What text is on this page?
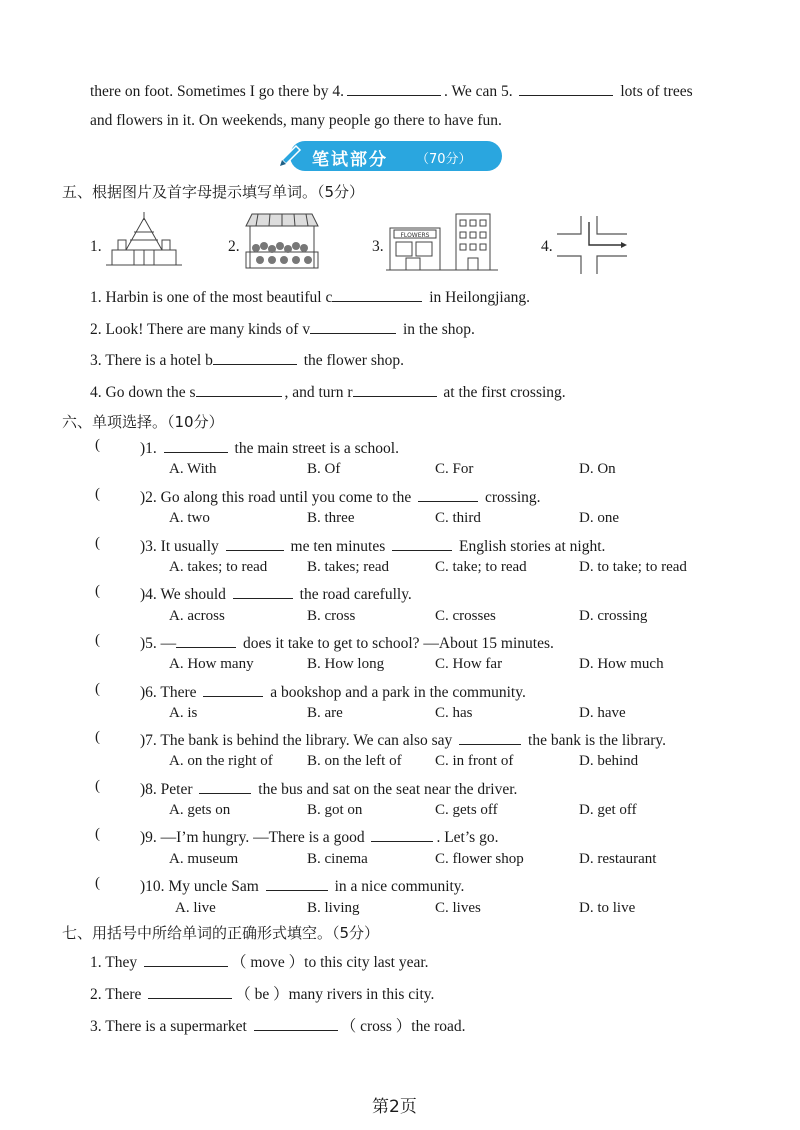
there on foot. Sometimes I go there by 4.	. We can 5.	lots of trees
and flowers in it. On weekends, many people go there to have fun.
笔试部分 （70分）
五、根据图片及首字母提示填写单词。（5分）
1.	2.	3.
FLOWERS
4.
1. Harbin is one of the most beautiful c	in Heilongjiang.
2. Look! There are many kinds of v	in the shop.
3. There is a hotel b	the flower shop.
4. Go down the s	, and turn r	at the first crossing.
六、单项选择。（10分）
(	)1.	the main street is a school.
A. With	B. Of	C. For	D. On
(	)2. Go along this road until you come to the	crossing.
A. two	B. three	C. third	D. one
(	)3. It usually	me ten minutes	English stories at night.
A. takes; to read	B. takes; read	C. take; to read	D. to take; to read
(	)4. We should	the road carefully.
A. across	B. cross	C. crosses	D. crossing
(	)5. —	does it take to get to school? —About 15 minutes.
A. How many	B. How long	C. How far	D. How much
(	)6. There	a bookshop and a park in the community.
A. is	B. are	C. has	D. have
(	)7. The bank is behind the library. We can also say	the bank is the library.
A. on the right of B. on the left of C. in front of	D. behind
(	)8. Peter	the bus and sat on the seat near the driver.
A. gets on	B. got on	C. gets off	D. get off
(	)9. —I’m hungry. —There is a good	. Let’s go.
A. museum	B. cinema	C. flower shop	D. restaurant
(	)10. My uncle Sam	in a nice community.
A. live	B. living	C. lives	D. to live
七、用括号中所给单词的正确形式填空。（5分）
1. They	（ move ）to this city last year.
2. There	（ be ）many rivers in this city.
3. There is a supermarket	（ cross ）the road.
第2页
